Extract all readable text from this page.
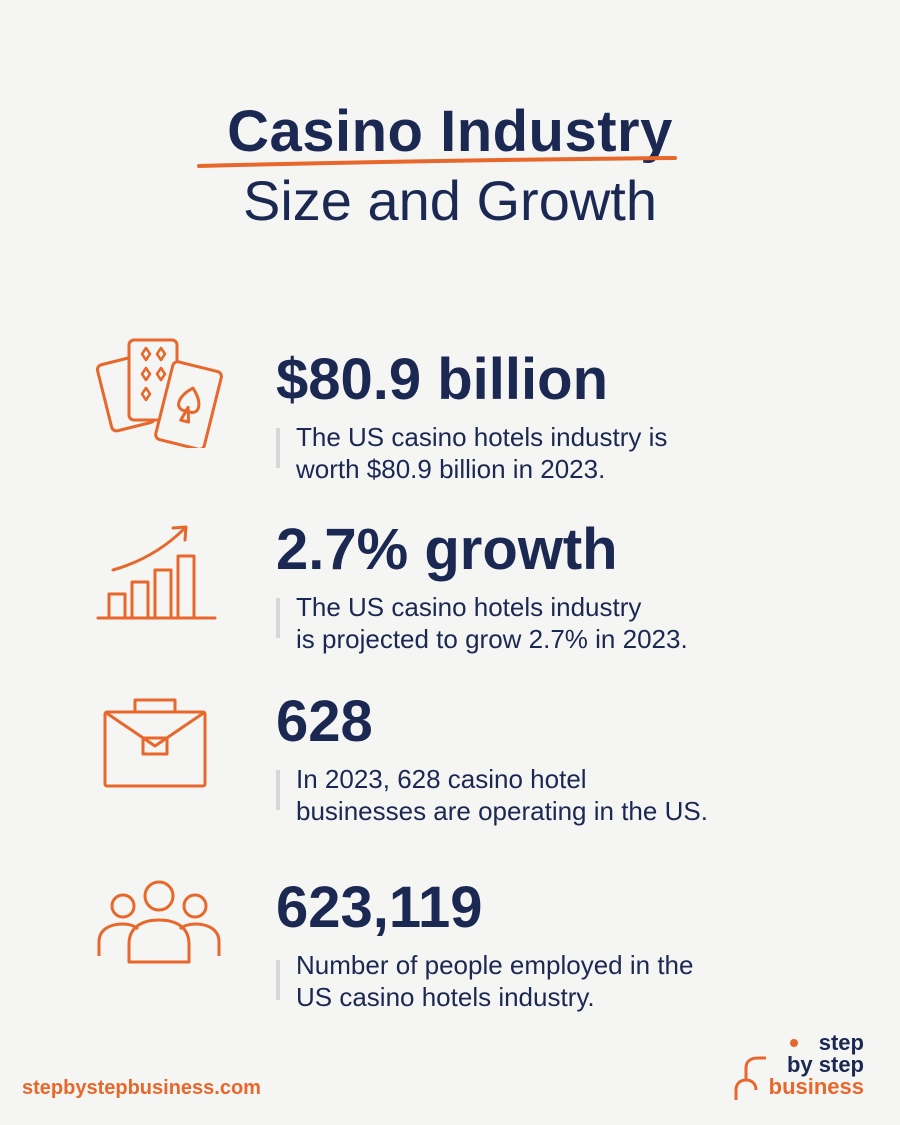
Casino Industry
Size and Growth
$80.9 billion
The US casino hotels industry is
worth $80.9 billion in 2023.
2.7% growth
The US casino hotels industry
is projected to grow 2.7% in 2023.
628
In 2023, 628 casino hotel
businesses are operating in the US.
623,119
Number of people employed in the
US casino hotels industry.
stepbystepbusiness.com
step
by step
business
